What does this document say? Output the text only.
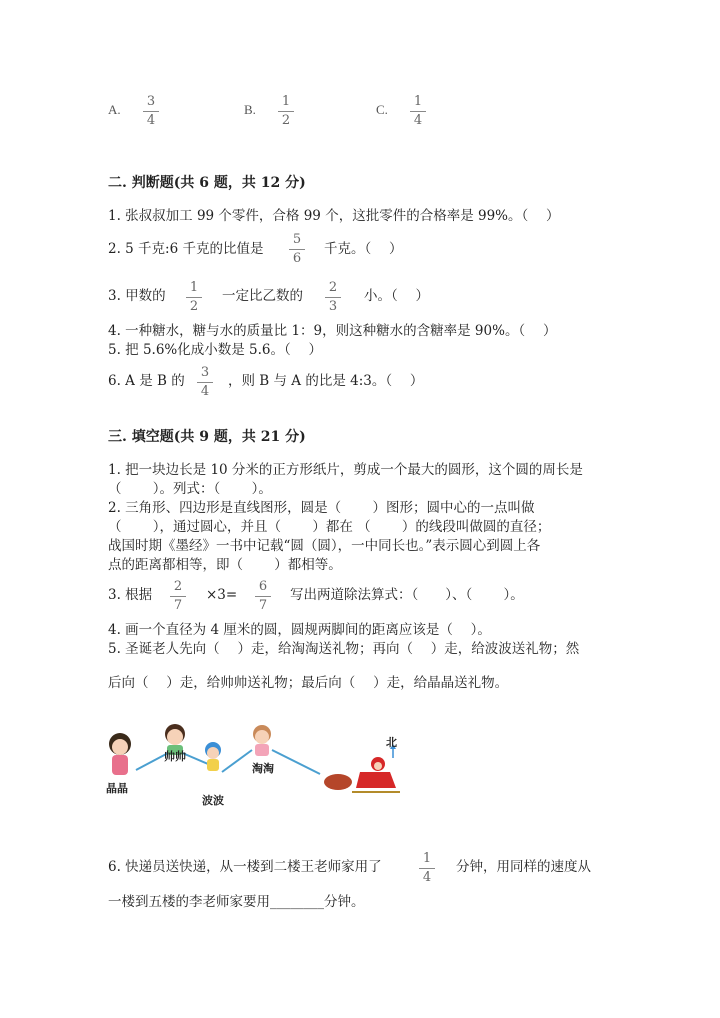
A.
3
4
B.
1
2
C.
1
4
二. 判断题(共 6 题，共 12 分)
1. 张叔叔加工 99 个零件，合格 99 个，这批零件的合格率是 99%。（　 ）
2. 5 千克:6 千克的比值是
5
6
千克。（　 ）
3. 甲数的
1
2
一定比乙数的
2
3
小。（　 ）
4. 一种糖水，糖与水的质量比 1：9，则这种糖水的含糖率是 90%。（　 ）
5. 把 5.6%化成小数是 5.6。（　 ）
6. A 是 B 的
3
4
，则 B 与 A 的比是 4:3。（　 ）
三. 填空题(共 9 题，共 21 分)
1. 把一块边长是 10 分米的正方形纸片，剪成一个最大的圆形，这个圆的周长是
（　　 ）。列式：（　　 ）。
2. 三角形、四边形是直线图形，圆是（　　 ）图形；圆中心的一点叫做
（　　 ），通过圆心，并且（　　 ）都在 （　　 ）的线段叫做圆的直径；
战国时期《墨经》一书中记载“圆（圆），一中同长也。”表示圆心到圆上各
点的距离都相等，即（　　 ）都相等。
3. 根据
2
7
×3=
6
7
写出两道除法算式：（　　）、（　　 ）。
4. 画一个直径为 4 厘米的圆，圆规两脚间的距离应该是（　 ）。
5. 圣诞老人先向（　 ）走，给淘淘送礼物；再向（　 ）走，给波波送礼物；然
后向（　 ）走，给帅帅送礼物；最后向（　 ）走，给晶晶送礼物。
北
晶晶
帅帅
波波
淘淘
6. 快递员送快递，从一楼到二楼王老师家用了
1
4
分钟，用同样的速度从
一楼到五楼的李老师家要用________分钟。
